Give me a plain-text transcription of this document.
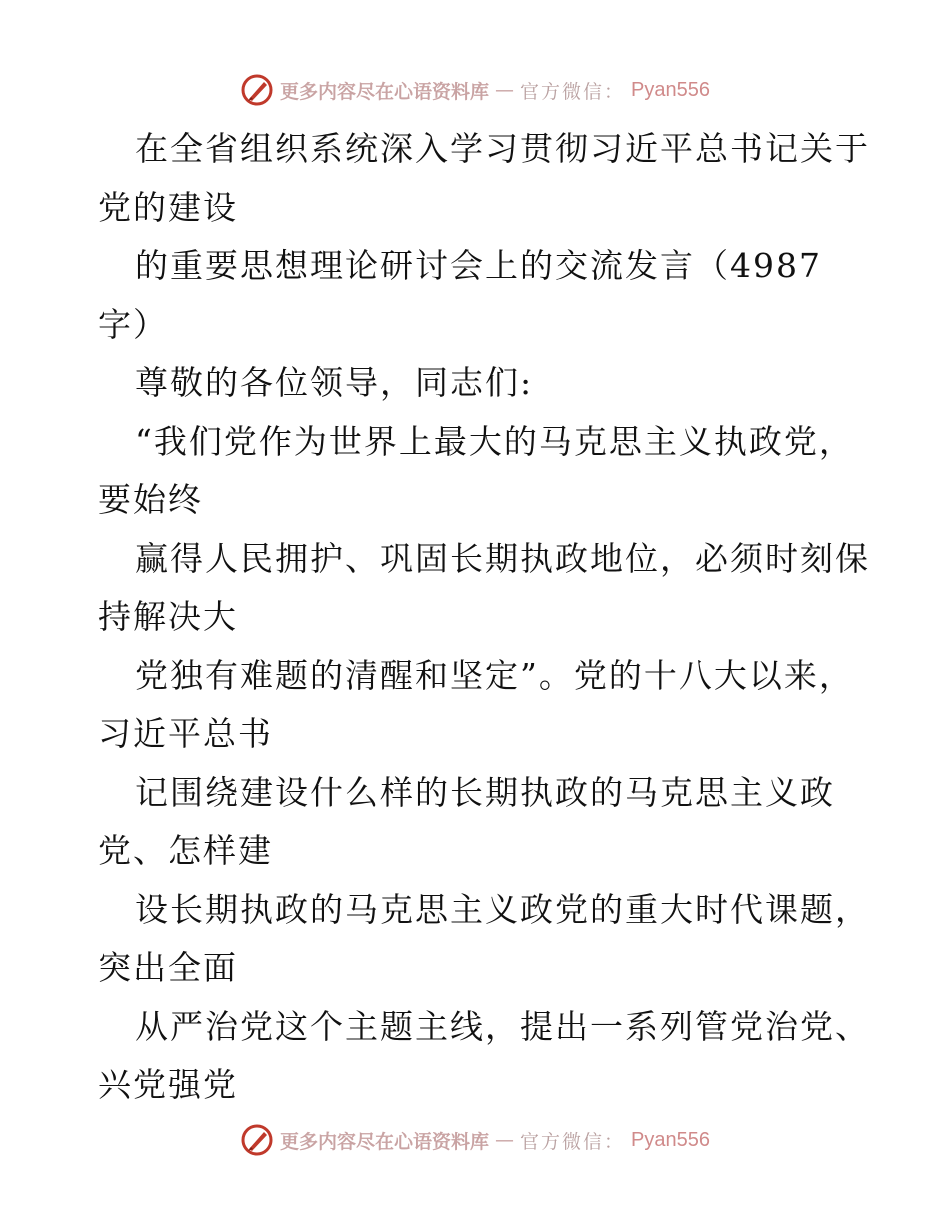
更多内容尽在心语资料库 — 官方微信： Pyan556
在全省组织系统深入学习贯彻习近平总书记关于
党的建设
的重要思想理论研讨会上的交流发言（4987
字）
尊敬的各位领导，同志们:
“我们党作为世界上最大的马克思主义执政党，
要始终
赢得人民拥护、巩固长期执政地位，必须时刻保
持解决大
党独有难题的清醒和坚定”。党的十八大以来，
习近平总书
记围绕建设什么样的长期执政的马克思主义政
党、怎样建
设长期执政的马克思主义政党的重大时代课题，
突出全面
从严治党这个主题主线，提出一系列管党治党、
兴党强党
更多内容尽在心语资料库 — 官方微信： Pyan556
